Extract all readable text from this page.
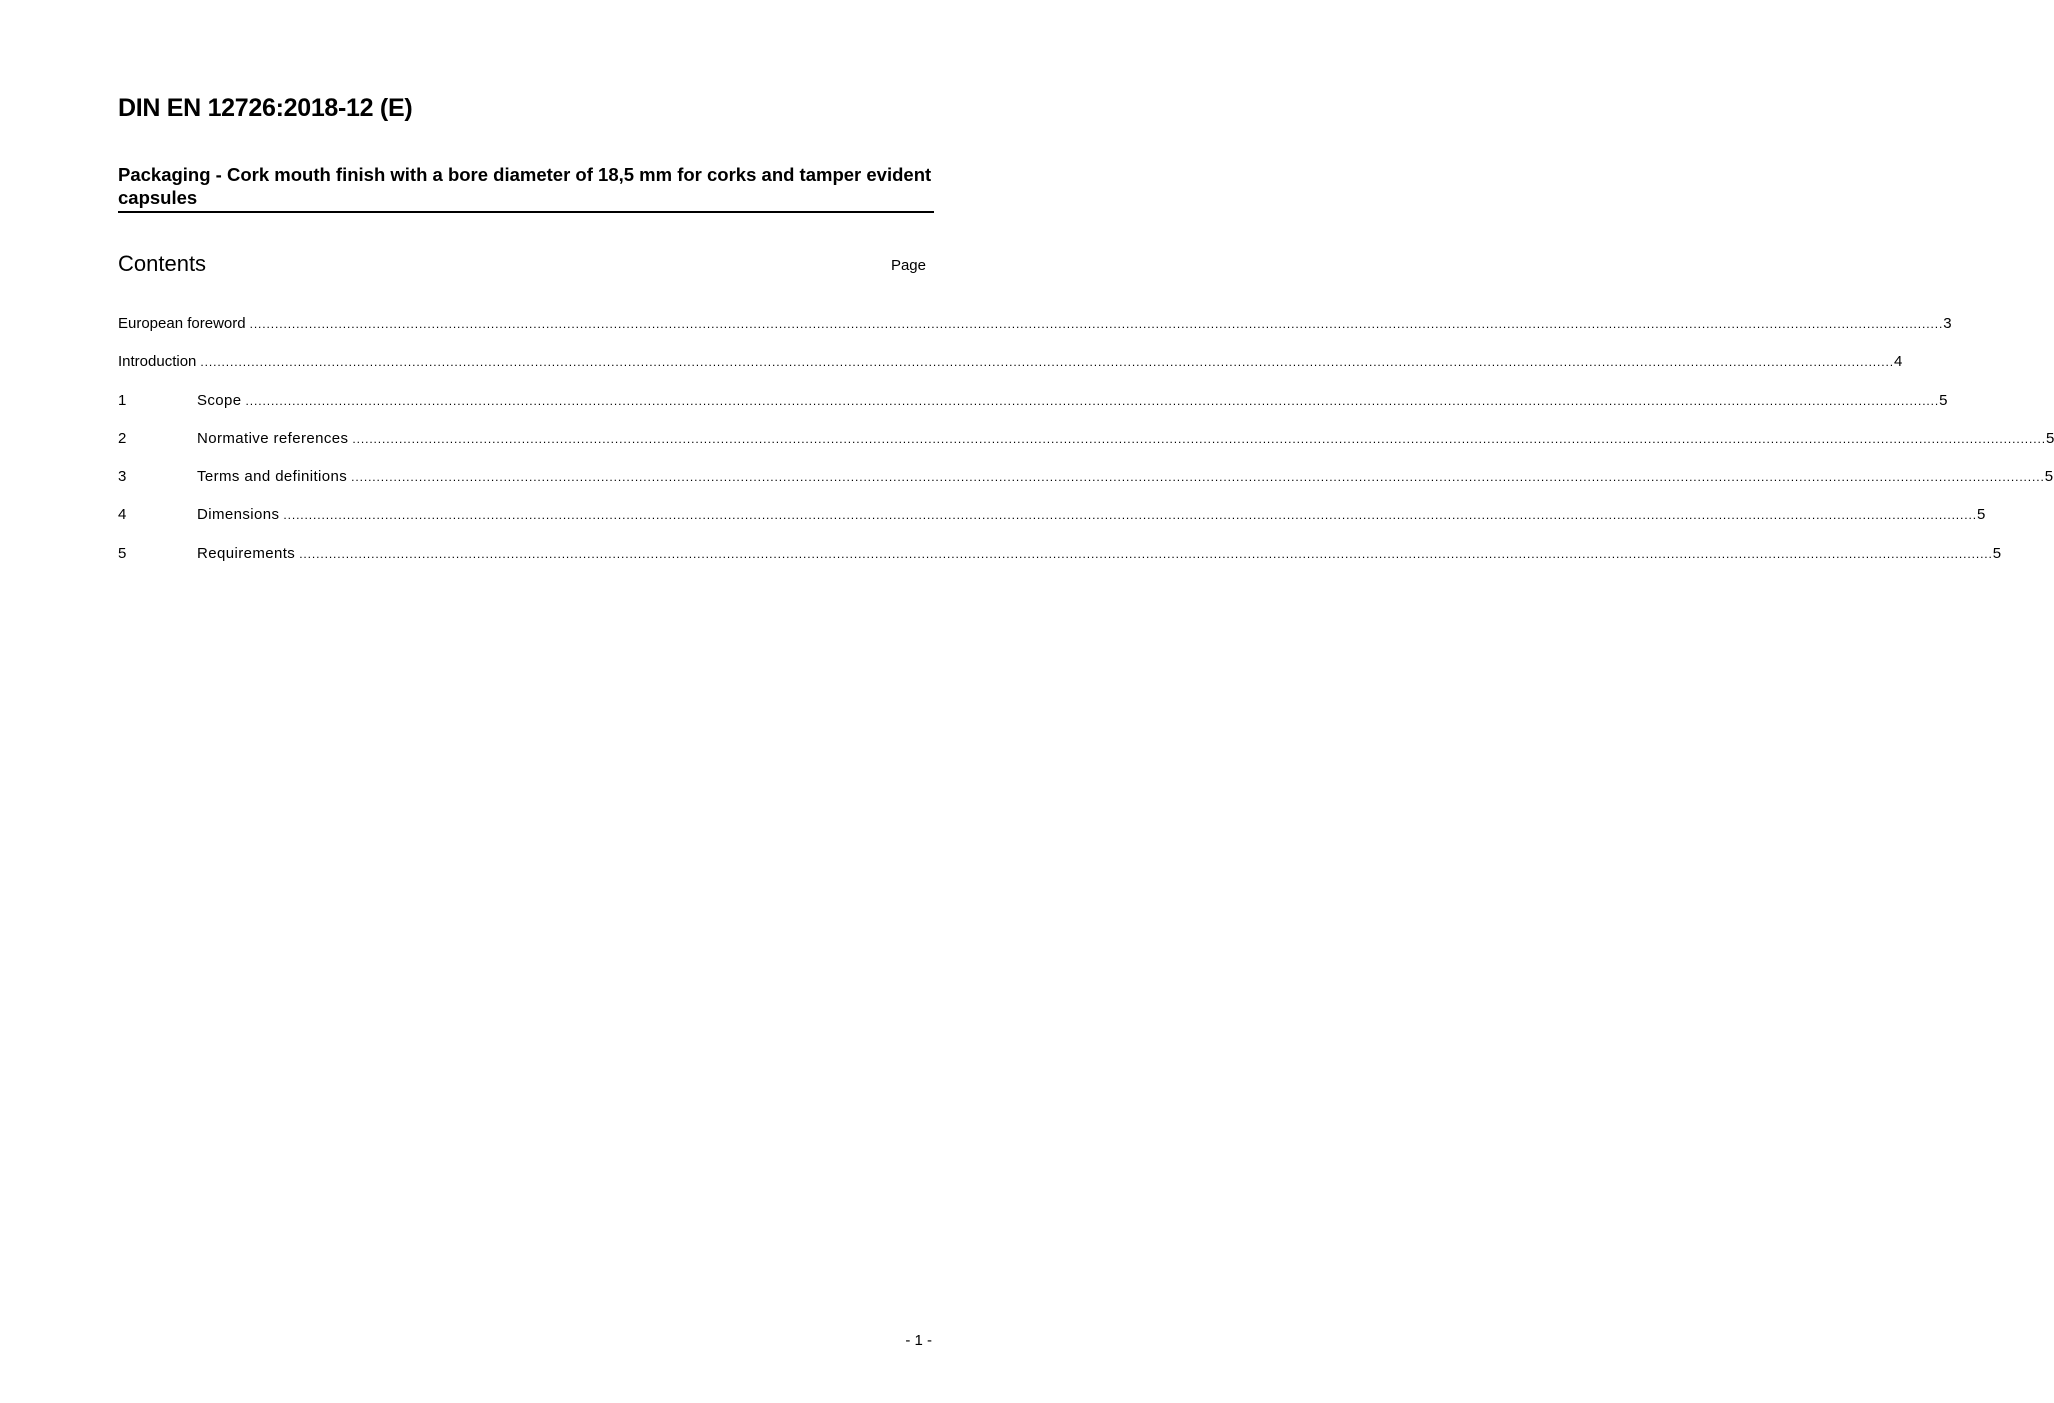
DIN EN 12726:2018-12 (E)
Packaging - Cork mouth finish with a bore diameter of 18,5 mm for corks and tamper evident capsules
Contents	Page
European foreword ................................................................................................................................................................................................................................................................................................................................................................................................................ 3
Introduction ................................................................................................................................................................................................................................................................................................................................................................................................................ 4
1	Scope ................................................................................................................................................................................................................................................................................................................................................................................................................ 5
2	Normative references ................................................................................................................................................................................................................................................................................................................................................................................................................ 5
3	Terms and definitions ................................................................................................................................................................................................................................................................................................................................................................................................................ 5
4	Dimensions ................................................................................................................................................................................................................................................................................................................................................................................................................ 5
5	Requirements ................................................................................................................................................................................................................................................................................................................................................................................................................ 5
- 1 -
